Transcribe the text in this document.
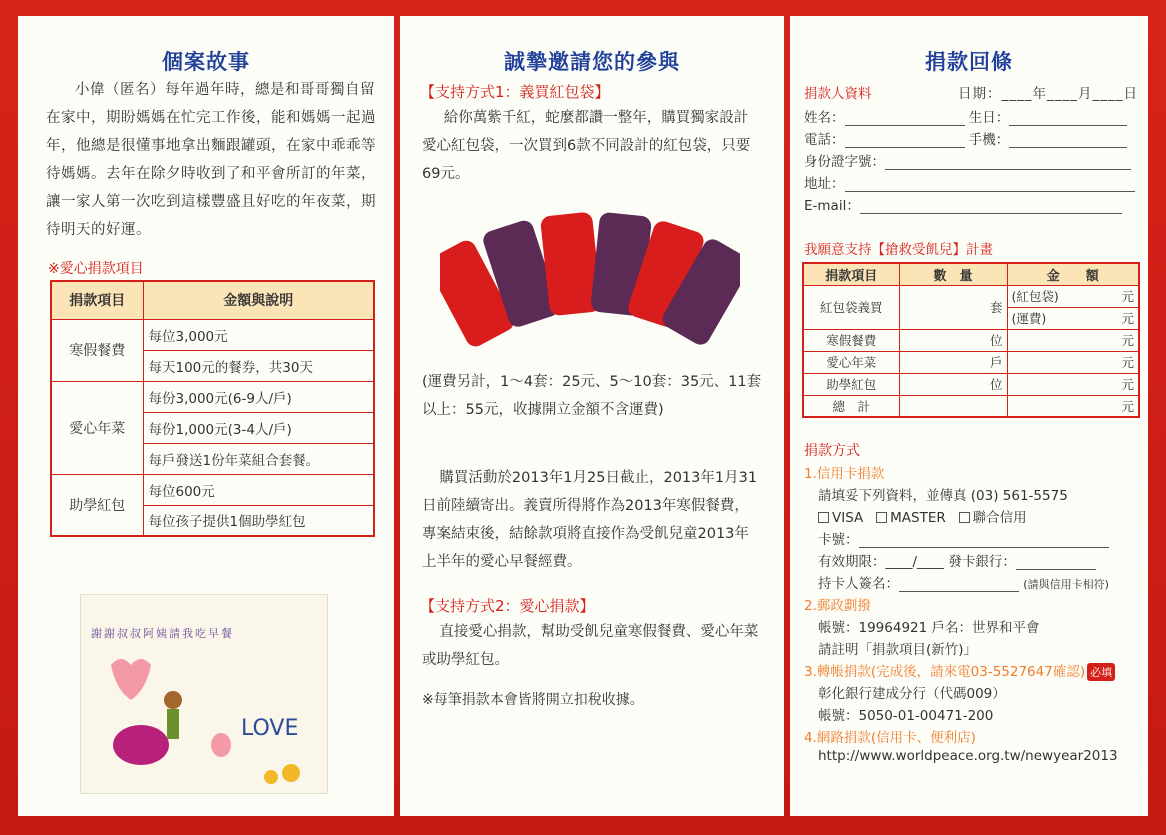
個案故事
小偉（匿名）每年過年時，總是和哥哥獨自留在家中，期盼媽媽在忙完工作後，能和媽媽一起過年，他總是很懂事地拿出麵跟罐頭，在家中乖乖等待媽媽。去年在除夕時收到了和平會所訂的年菜，讓一家人第一次吃到這樣豐盛且好吃的年夜菜，期待明天的好運。
※愛心捐款項目
捐款項目	金額與說明
寒假餐費	每位3,000元
	每天100元的餐券，共30天
愛心年菜	每份3,000元(6-9人/戶)
	每份1,000元(3-4人/戶)
	每戶發送1份年菜組合套餐。
助學紅包	每位600元
	每位孩子提供1個助學紅包
謝謝叔叔阿姨請我吃早餐
LOVE
誠摯邀請您的參與
【支持方式1：義買紅包袋】
給你萬紫千紅，蛇麼都讚一整年，購買獨家設計愛心紅包袋，一次買到6款不同設計的紅包袋，只要69元。
(運費另計，1～4套：25元、5～10套：35元、11套以上：55元，收據開立金額不含運費)
購買活動於2013年1月25日截止，2013年1月31日前陸續寄出。義賣所得將作為2013年寒假餐費，專案結束後，結餘款項將直接作為受飢兒童2013年上半年的愛心早餐經費。
【支持方式2：愛心捐款】
直接愛心捐款，幫助受飢兒童寒假餐費、愛心年菜或助學紅包。
※每筆捐款本會皆將開立扣稅收據。
捐款回條
捐款人資料	日期：____年____月____日
姓名：	生日：
電話：	手機：
身份證字號：
地址：
E-mail：
我願意支持【搶救受飢兒】計畫
捐款項目	數　量	金　　額
紅包袋義買	套	(紅包袋) 元

		(運費) 元

寒假餐費	位	元
愛心年菜	戶	元
助學紅包	位	元
總　計		元
捐款方式
1.信用卡捐款
請填妥下列資料，並傳真 (03) 561-5575
VISA MASTER 聯合信用
卡號：
有效期限：____/____ 發卡銀行：
持卡人簽名：	(請與信用卡相符)
2.郵政劃撥
帳號：19964921 戶名：世界和平會
請註明「捐款項目(新竹)」
3.轉帳捐款(完成後，請來電03-5527647確認) 必填
彰化銀行建成分行（代碼009）
帳號：5050-01-00471-200
4.網路捐款(信用卡、便利店)
http://www.worldpeace.org.tw/newyear2013
